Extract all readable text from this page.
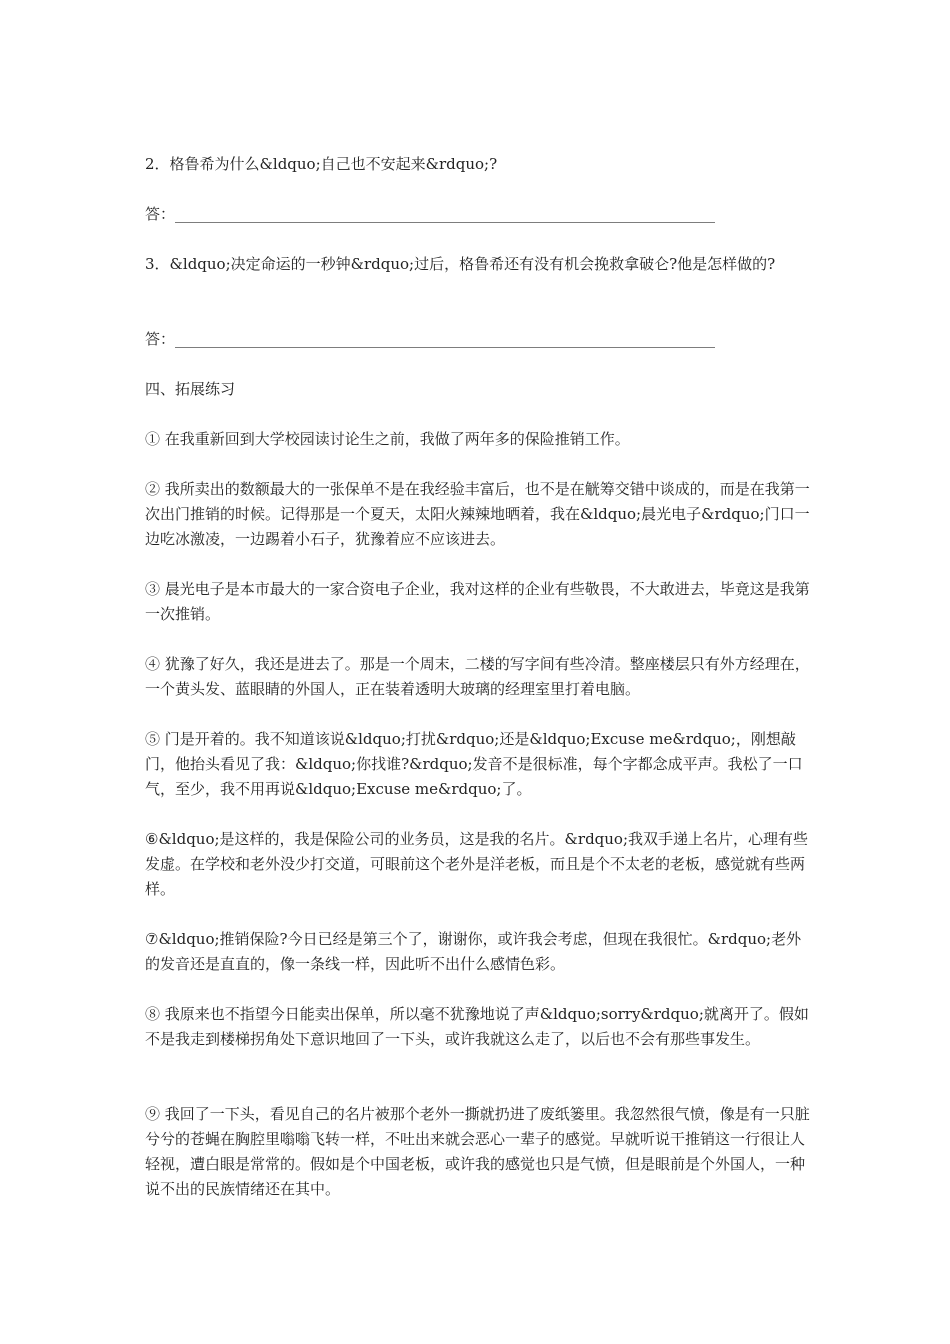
2．格鲁希为什么&ldquo;自己也不安起来&rdquo;?

答：________________________________________________________________________

3．&ldquo;决定命运的一秒钟&rdquo;过后，格鲁希还有没有机会挽救拿破仑?他是怎样做的?

答：________________________________________________________________________

四、拓展练习

① 在我重新回到大学校园读讨论生之前，我做了两年多的保险推销工作。

② 我所卖出的数额最大的一张保单不是在我经验丰富后，也不是在觥筹交错中谈成的，而是在我第一次出门推销的时候。记得那是一个夏天，太阳火辣辣地晒着，我在&ldquo;晨光电子&rdquo;门口一边吃冰激凌，一边踢着小石子，犹豫着应不应该进去。

③ 晨光电子是本市最大的一家合资电子企业，我对这样的企业有些敬畏，不大敢进去，毕竟这是我第一次推销。

④ 犹豫了好久，我还是进去了。那是一个周末，二楼的写字间有些冷清。整座楼层只有外方经理在，一个黄头发、蓝眼睛的外国人，正在装着透明大玻璃的经理室里打着电脑。

⑤ 门是开着的。我不知道该说&ldquo;打扰&rdquo;还是&ldquo;Excuse me&rdquo;，刚想敲门，他抬头看见了我：&ldquo;你找谁?&rdquo;发音不是很标准，每个字都念成平声。我松了一口气，至少，我不用再说&ldquo;Excuse me&rdquo;了。

⑥&ldquo;是这样的，我是保险公司的业务员，这是我的名片。&rdquo;我双手递上名片，心理有些发虚。在学校和老外没少打交道，可眼前这个老外是洋老板，而且是个不太老的老板，感觉就有些两样。

⑦&ldquo;推销保险?今日已经是第三个了，谢谢你，或许我会考虑，但现在我很忙。&rdquo;老外的发音还是直直的，像一条线一样，因此听不出什么感情色彩。

⑧ 我原来也不指望今日能卖出保单，所以毫不犹豫地说了声&ldquo;sorry&rdquo;就离开了。假如不是我走到楼梯拐角处下意识地回了一下头，或许我就这么走了，以后也不会有那些事发生。

⑨ 我回了一下头，看见自己的名片被那个老外一撕就扔进了废纸篓里。我忽然很气愤，像是有一只脏兮兮的苍蝇在胸腔里嗡嗡飞转一样，不吐出来就会恶心一辈子的感觉。早就听说干推销这一行很让人轻视，遭白眼是常常的。假如是个中国老板，或许我的感觉也只是气愤，但是眼前是个外国人，一种说不出的民族情绪还在其中。
